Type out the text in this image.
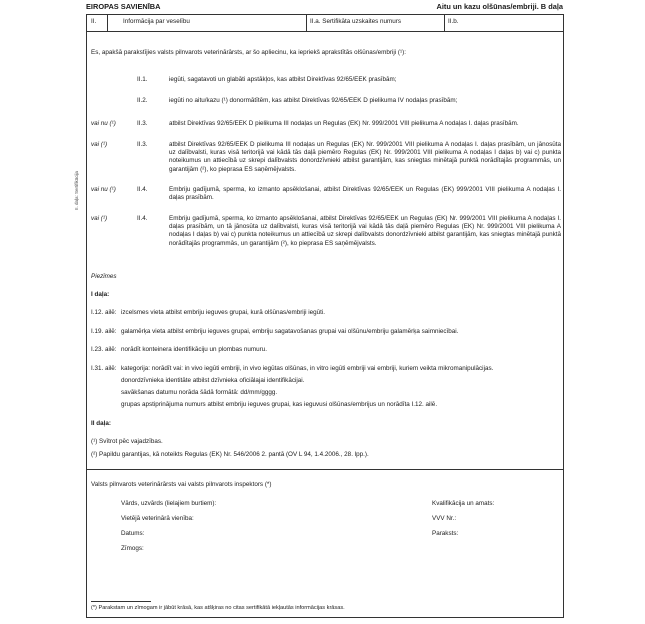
EIROPAS SAVIENĪBA	Aitu un kazu olšūnas/embriji. B daļa
II. daļa: Sertifikācija
II.	Informācija par veselību	II.a. Sertifikāta uzskaites numurs	II.b.
Es, apakšā parakstījies valsts pilnvarots veterinārārsts, ar šo apliecinu, ka iepriekš aprakstītās olšūnas/embriji (¹):
II.1.	iegūti, sagatavoti un glabāti apstākļos, kas atbilst Direktīvas 92/65/EEK prasībām;
II.2.	iegūti no aitu/kazu (¹) donormātītēm, kas atbilst Direktīvas 92/65/EEK D pielikuma IV nodaļas prasībām;
vai nu (¹)	II.3.	atbilst Direktīvas 92/65/EEK D pielikuma III nodaļas un Regulas (EK) Nr. 999/2001 VIII pielikuma A nodaļas I. daļas prasībām.
vai (¹)	II.3.	atbilst Direktīvas 92/65/EEK D pielikuma III nodaļas un Regulas (EK) Nr. 999/2001 VIII pielikuma A nodaļas I. daļas prasībām, un jānosūta uz dalībvalsti, kuras visā teritorijā vai kādā tās daļā piemēro Regulas (EK) Nr. 999/2001 VIII pielikuma A nodaļas I daļas b) vai c) punkta noteikumus un attiecībā uz skrepi dalībvalsts donordzīvnieki atbilst garantijām, kas sniegtas minētajā punktā norādītajās programmās, un garantijām (²), ko pieprasa ES saņēmējvalsts.
vai nu (¹)	II.4.	Embriju gadījumā, sperma, ko izmanto apsēklošanai, atbilst Direktīvas 92/65/EEK un Regulas (EK) 999/2001 VIII pielikuma A nodaļas I. daļas prasībām.
vai (¹)	II.4.	Embriju gadījumā, sperma, ko izmanto apsēklošanai, atbilst Direktīvas 92/65/EEK un Regulas (EK) Nr. 999/2001 VIII pielikuma A nodaļas I. daļas prasībām, un tā jānosūta uz dalībvalsti, kuras visā teritorijā vai kādā tās daļā piemēro Regulas (EK) Nr. 999/2001 VIII pielikuma A nodaļas I daļas b) vai c) punkta noteikumus un attiecībā uz skrepi dalībvalsts donordzīvnieki atbilst garantijām, kas sniegtas minētajā punktā norādītajās programmās, un garantijām (²), ko pieprasa ES saņēmējvalsts.
Piezīmes
I daļa:
I.12. ailē: izcelsmes vieta atbilst embriju ieguves grupai, kurā olšūnas/embriji iegūti.
I.19. ailē: galamērķa vieta atbilst embriju ieguves grupai, embriju sagatavošanas grupai vai olšūnu/embriju galamērķa saimniecībai.
I.23. ailē: norādīt konteinera identifikāciju un plombas numuru.
I.31. ailē: kategorija: norādīt vai: in vivo iegūti embriji, in vivo iegūtas olšūnas, in vitro iegūti embriji vai embriji, kuriem veikta mikromanipulācijas.
donordzīvnieka identitāte atbilst dzīvnieka oficiālajai identifikācijai.
savākšanas datumu norāda šādā formātā: dd/mm/gggg.
grupas apstiprinājuma numurs atbilst embriju ieguves grupai, kas ieguvusi olšūnas/embrijus un norādīta I.12. ailē.
II daļa:
(¹) Svītrot pēc vajadzības.
(²) Papildu garantijas, kā noteikts Regulas (EK) Nr. 546/2006 2. pantā (OV L 94, 1.4.2006., 28. lpp.).
Valsts pilnvarots veterinārārsts vai valsts pilnvarots inspektors (*)
Vārds, uzvārds (lielajiem burtiem):	Kvalifikācija un amats:
Vietējā veterinārā vienība:	VVV Nr.:
Datums:	Paraksts:
Zīmogs:
(*) Parakstam un zīmogam ir jābūt krāsā, kas atšķiras no citas sertifikātā iekļautās informācijas krāsas.
